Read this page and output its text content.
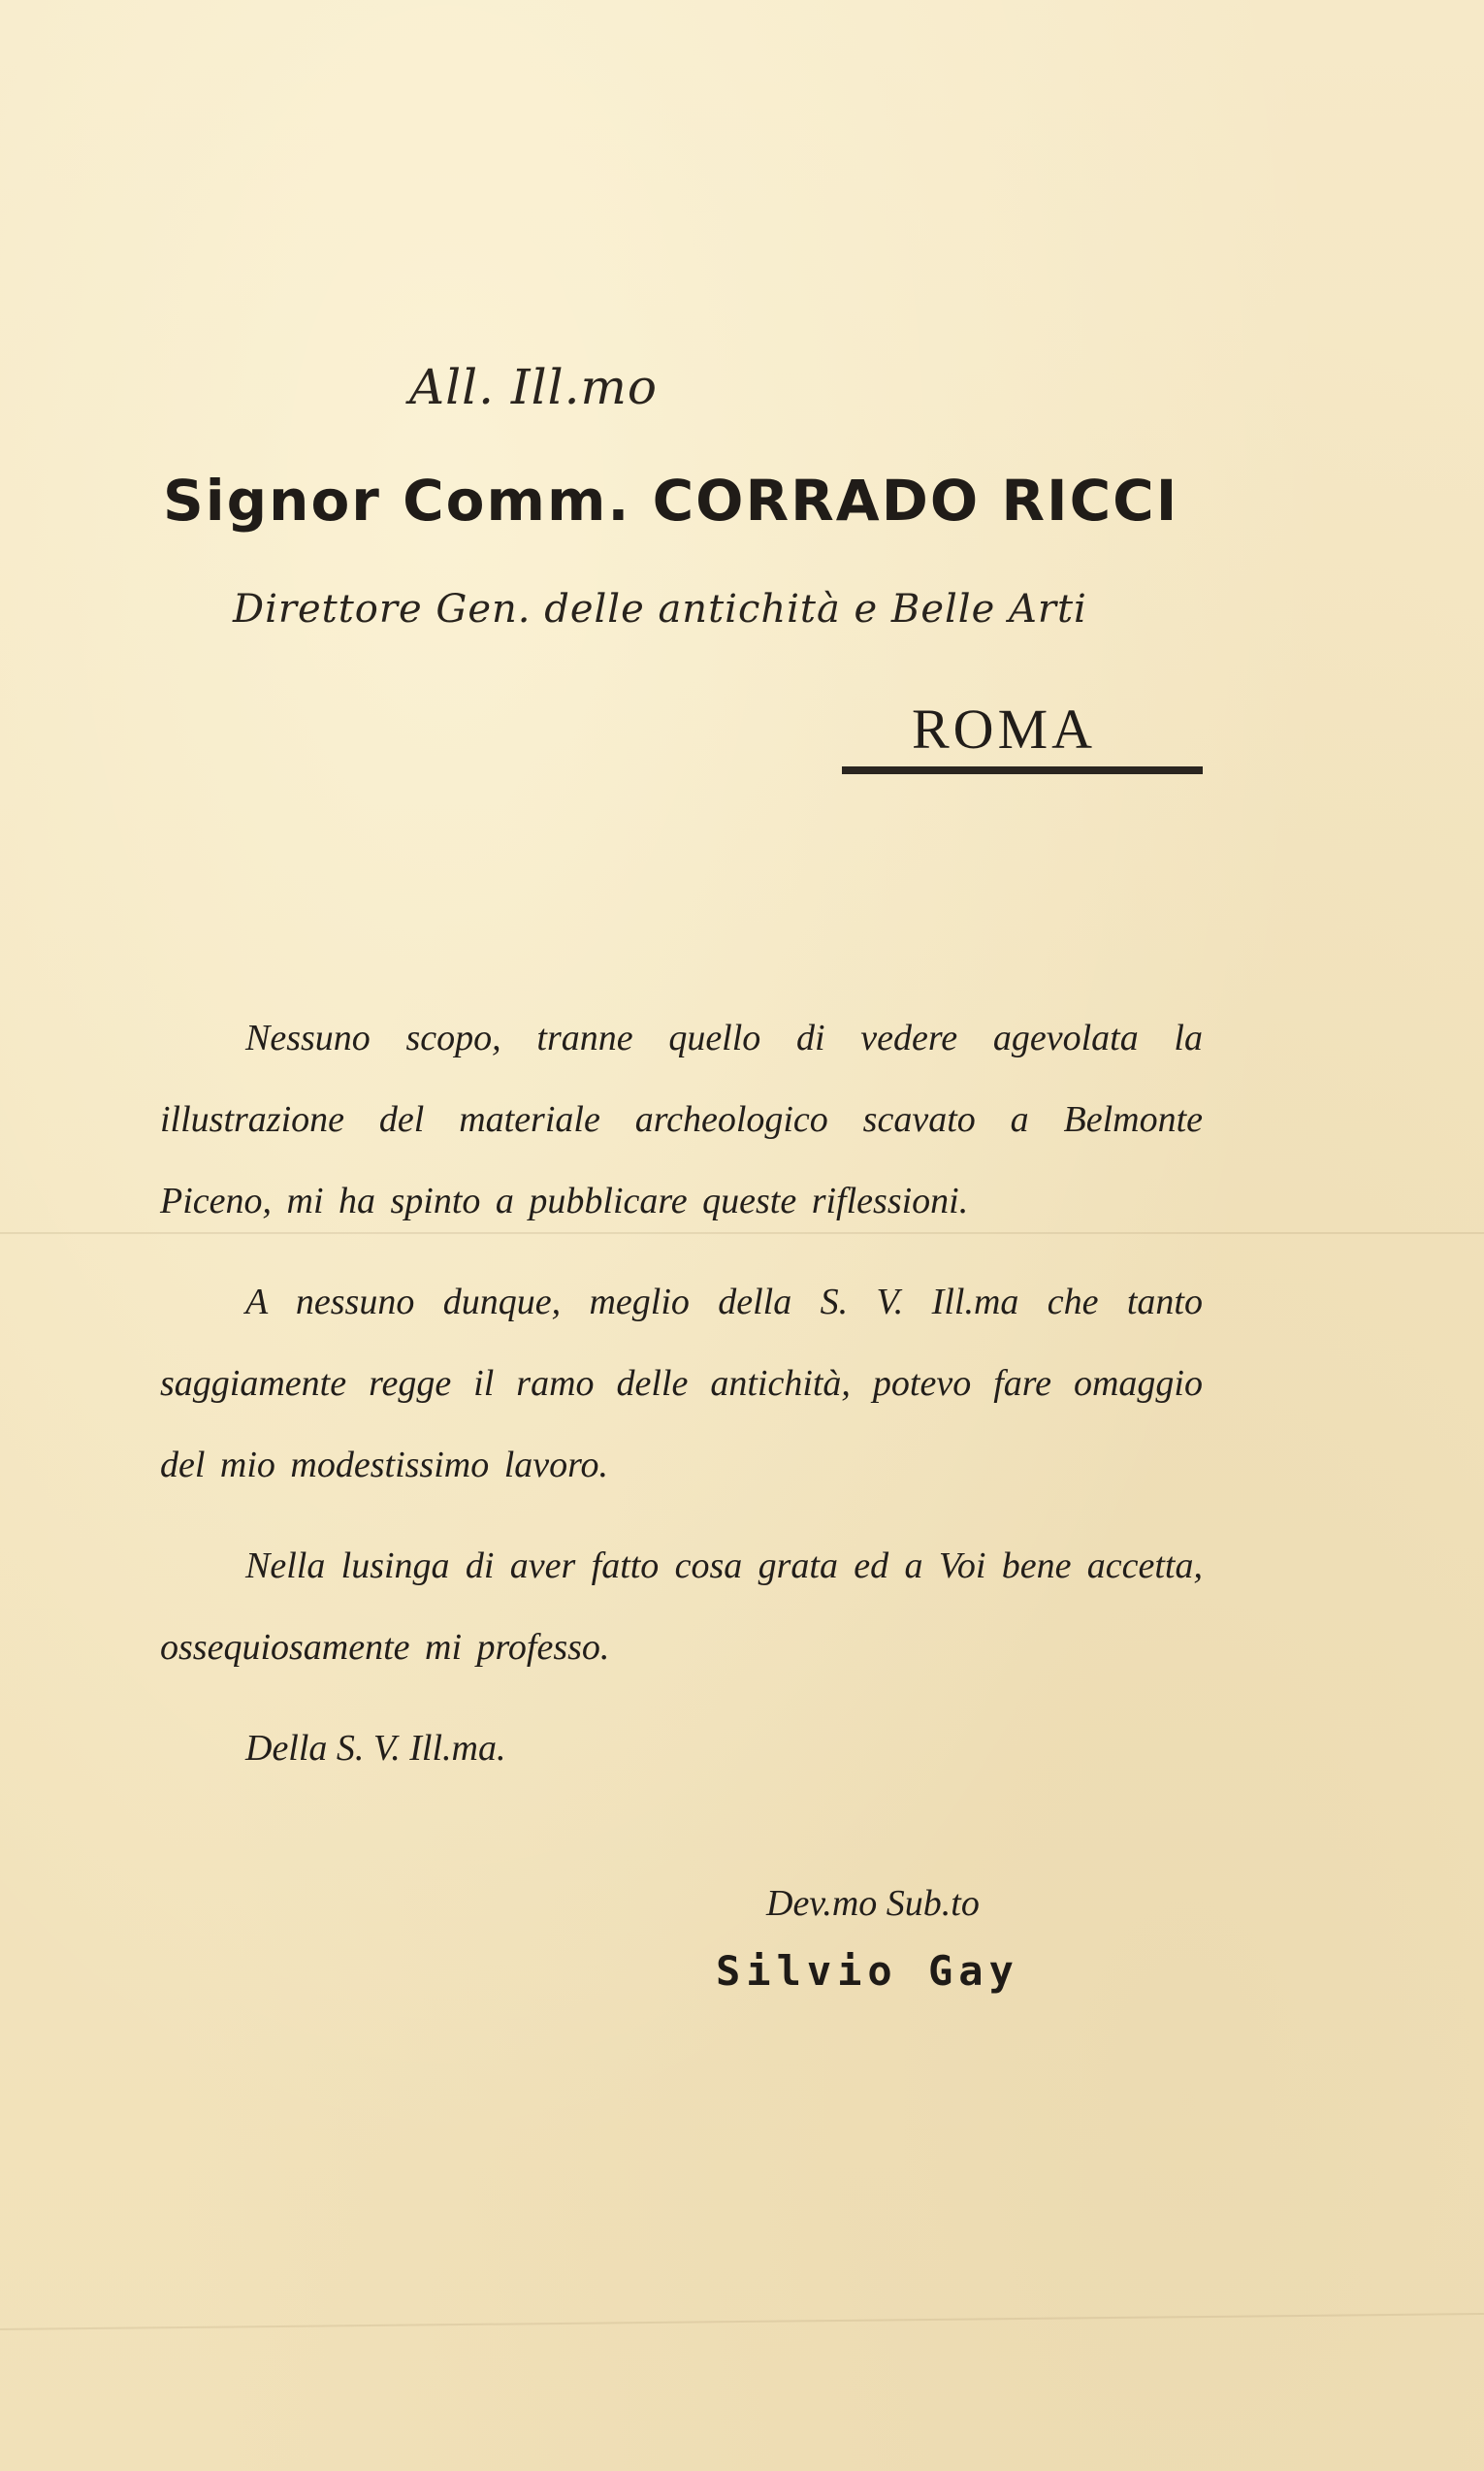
All. Ill.mo
Signor Comm. CORRADO RICCI
Direttore Gen. delle antichità e Belle Arti
ROMA

Nessuno scopo, tranne quello di vedere agevolata la illustrazione del materiale archeologico scavato a Belmonte Piceno, mi ha spinto a pubblicare queste riflessioni.

A nessuno dunque, meglio della S. V. Ill.ma che tanto saggiamente regge il ramo delle antichità, potevo fare omaggio del mio modestissimo lavoro.

Nella lusinga di aver fatto cosa grata ed a Voi bene accetta, ossequiosamente mi professo.

Della S. V. Ill.ma.

Dev.mo Sub.to
Silvio Gay
